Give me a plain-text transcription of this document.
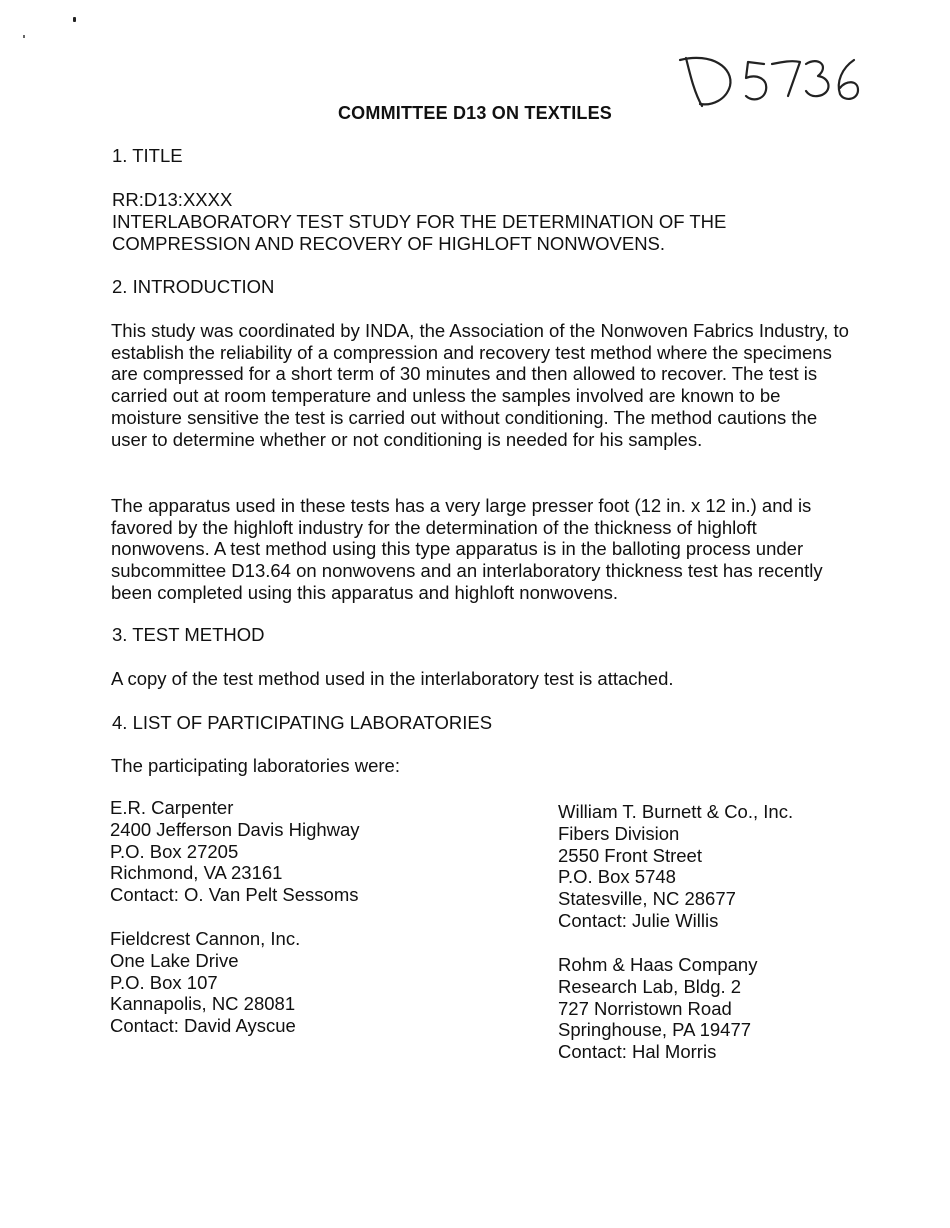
COMMITTEE D13 ON TEXTILES
1. TITLE
RR:D13:XXXX
INTERLABORATORY TEST STUDY FOR THE DETERMINATION OF THE
COMPRESSION AND RECOVERY OF HIGHLOFT NONWOVENS.
2. INTRODUCTION
This study was coordinated by INDA, the Association of the Nonwoven Fabrics Industry, to establish the reliability of a compression and recovery test method where the specimens are compressed for a short term of 30 minutes and then allowed to recover. The test is carried out at room temperature and unless the samples involved are known to be moisture sensitive the test is carried out without conditioning. The method cautions the user to determine whether or not conditioning is needed for his samples.
The apparatus used in these tests has a very large presser foot (12 in. x 12 in.) and is favored by the highloft industry for the determination of the thickness of highloft nonwovens. A test method using this type apparatus is in the balloting process under subcommittee D13.64 on nonwovens and an interlaboratory thickness test has recently been completed using this apparatus and highloft nonwovens.
3. TEST METHOD
A copy of the test method used in the interlaboratory test is attached.
4. LIST OF PARTICIPATING LABORATORIES
The participating laboratories were:
E.R. Carpenter
2400 Jefferson Davis Highway
P.O. Box 27205
Richmond, VA 23161
Contact: O. Van Pelt Sessoms
Fieldcrest Cannon, Inc.
One Lake Drive
P.O. Box 107
Kannapolis, NC 28081
Contact: David Ayscue
William T. Burnett & Co., Inc.
Fibers Division
2550 Front Street
P.O. Box 5748
Statesville, NC 28677
Contact: Julie Willis
Rohm & Haas Company
Research Lab, Bldg. 2
727 Norristown Road
Springhouse, PA 19477
Contact: Hal Morris
